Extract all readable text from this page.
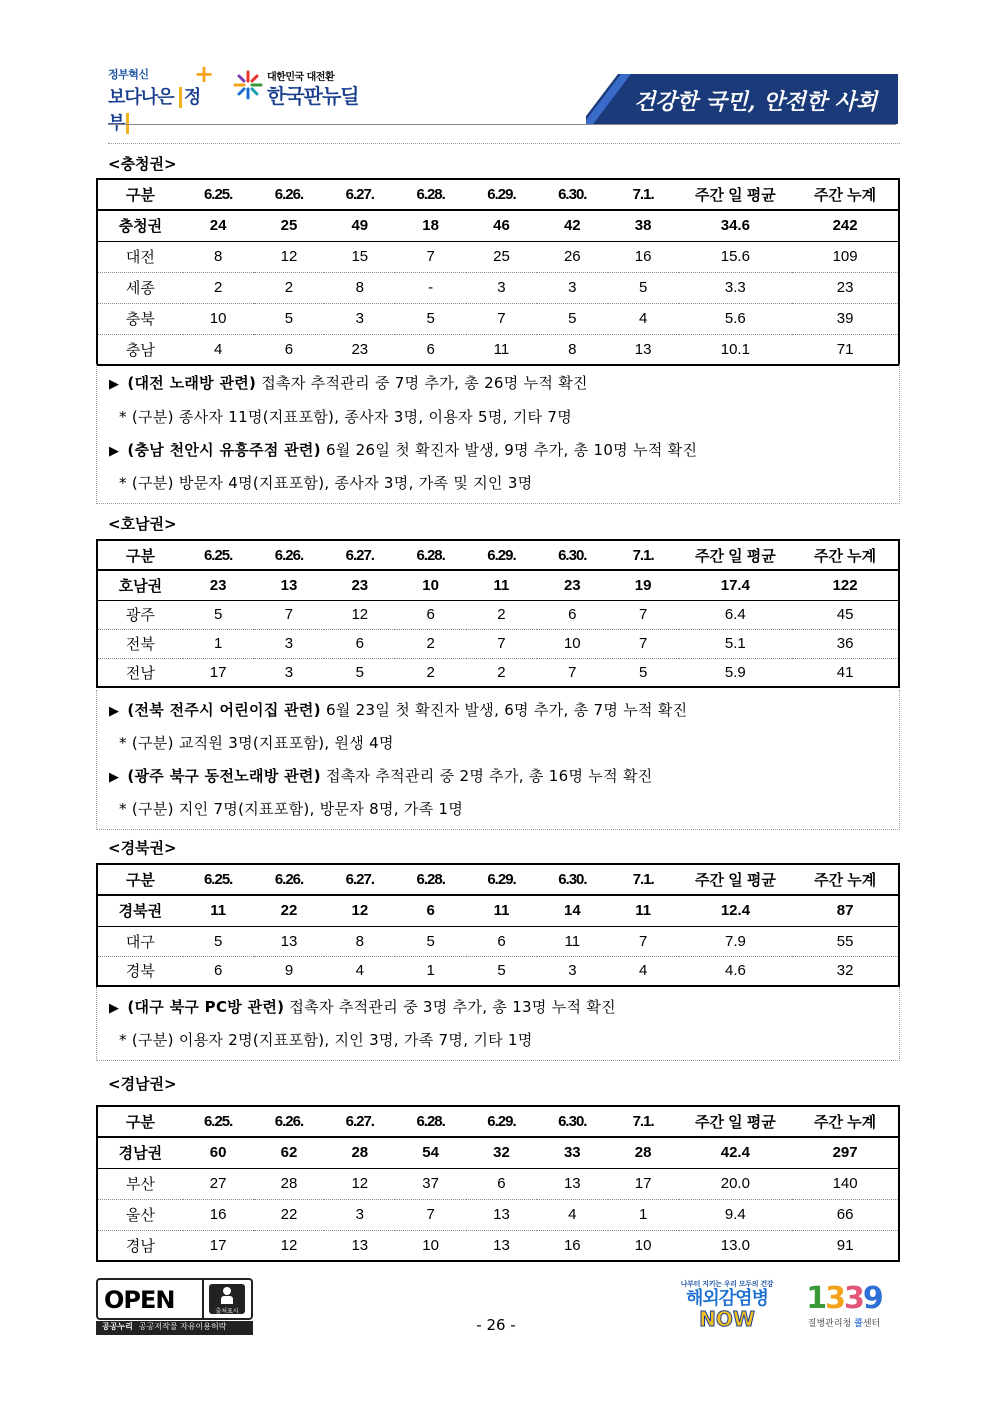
정부혁신
보다나은 정부
+	대한민국 대전환
한국판뉴딜	건강한 국민, 안전한 사회
<충청권>
구분	6.25.	6.26.	6.27.	6.28.	6.29.	6.30.	7.1.	주간 일 평균	주간 누계
충청권	24	25	49	18	46	42	38	34.6	242
대전	8	12	15	7	25	26	16	15.6	109
세종	2	2	8	-	3	3	5	3.3	23
충북	10	5	3	5	7	5	4	5.6	39
충남	4	6	23	6	11	8	13	10.1	71
▶ (대전 노래방 관련) 접촉자 추적관리 중 7명 추가, 총 26명 누적 확진
* (구분) 종사자 11명(지표포함), 종사자 3명, 이용자 5명, 기타 7명
▶ (충남 천안시 유흥주점 관련) 6월 26일 첫 확진자 발생, 9명 추가, 총 10명 누적 확진
* (구분) 방문자 4명(지표포함), 종사자 3명, 가족 및 지인 3명
<호남권>
구분	6.25.	6.26.	6.27.	6.28.	6.29.	6.30.	7.1.	주간 일 평균	주간 누계
호남권	23	13	23	10	11	23	19	17.4	122
광주	5	7	12	6	2	6	7	6.4	45
전북	1	3	6	2	7	10	7	5.1	36
전남	17	3	5	2	2	7	5	5.9	41
▶ (전북 전주시 어린이집 관련) 6월 23일 첫 확진자 발생, 6명 추가, 총 7명 누적 확진
* (구분) 교직원 3명(지표포함), 원생 4명
▶ (광주 북구 동전노래방 관련) 접촉자 추적관리 중 2명 추가, 총 16명 누적 확진
* (구분) 지인 7명(지표포함), 방문자 8명, 가족 1명
<경북권>
구분	6.25.	6.26.	6.27.	6.28.	6.29.	6.30.	7.1.	주간 일 평균	주간 누계
경북권	11	22	12	6	11	14	11	12.4	87
대구	5	13	8	5	6	11	7	7.9	55
경북	6	9	4	1	5	3	4	4.6	32
▶ (대구 북구 PC방 관련) 접촉자 추적관리 중 3명 추가, 총 13명 누적 확진
* (구분) 이용자 2명(지표포함), 지인 3명, 가족 7명, 기타 1명
<경남권>
구분	6.25.	6.26.	6.27.	6.28.	6.29.	6.30.	7.1.	주간 일 평균	주간 누계
경남권	60	62	28	54	32	33	28	42.4	297
부산	27	28	12	37	6	13	17	20.0	140
울산	16	22	3	7	13	4	1	9.4	66
경남	17	12	13	10	13	16	10	13.0	91
OPEN	출처표시
공공누리 공공저작물 자유이용허락	- 26 -
나부터 지키는 우리 모두의 건강
해외감염병
NOW
1339
질병관리청 콜센터
